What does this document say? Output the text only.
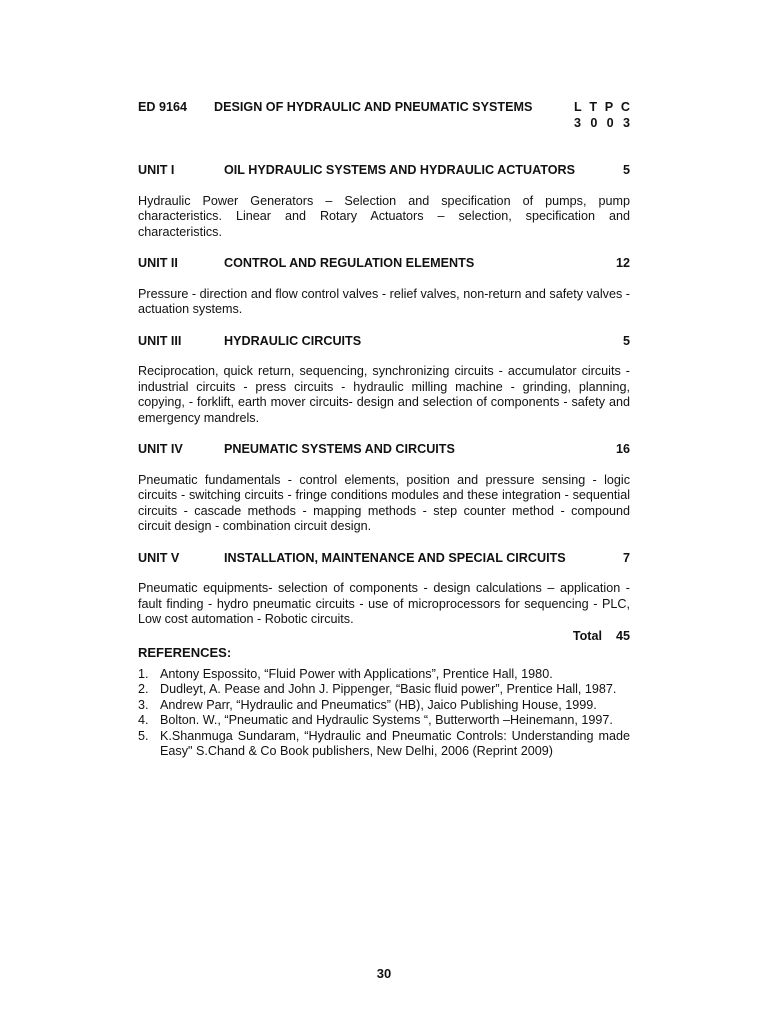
ED 9164	DESIGN OF HYDRAULIC AND PNEUMATIC SYSTEMS	L T P C
3 0 0 3
UNIT I	OIL HYDRAULIC SYSTEMS AND HYDRAULIC ACTUATORS	5

Hydraulic Power Generators – Selection and specification of pumps, pump characteristics. Linear and Rotary Actuators – selection, specification and characteristics.

UNIT II	CONTROL AND REGULATION ELEMENTS	12

Pressure - direction and flow control valves - relief valves, non-return and safety valves - actuation systems.

UNIT III	HYDRAULIC CIRCUITS	5

Reciprocation, quick return, sequencing, synchronizing circuits - accumulator circuits - industrial circuits - press circuits - hydraulic milling machine - grinding, planning, copying, - forklift, earth mover circuits- design and selection of components - safety and emergency mandrels.

UNIT IV	PNEUMATIC SYSTEMS AND CIRCUITS	16

Pneumatic fundamentals - control elements, position and pressure sensing - logic circuits - switching circuits - fringe conditions modules and these integration - sequential circuits - cascade methods - mapping methods - step counter method - compound circuit design - combination circuit design.

UNIT V	INSTALLATION, MAINTENANCE AND SPECIAL CIRCUITS	7

Pneumatic equipments- selection of components - design calculations – application - fault finding - hydro pneumatic circuits - use of microprocessors for sequencing - PLC, Low cost automation - Robotic circuits.

Total 45
REFERENCES:
1. Antony Espossito, “Fluid Power with Applications”, Prentice Hall, 1980.
2. Dudleyt, A. Pease and John J. Pippenger, “Basic fluid power”, Prentice Hall, 1987.
3. Andrew Parr, “Hydraulic and Pneumatics” (HB), Jaico Publishing House, 1999.
4. Bolton. W., “Pneumatic and Hydraulic Systems “, Butterworth –Heinemann, 1997.
5. K.Shanmuga Sundaram, “Hydraulic and Pneumatic Controls: Understanding made Easy" S.Chand & Co Book publishers, New Delhi, 2006 (Reprint 2009)
30
